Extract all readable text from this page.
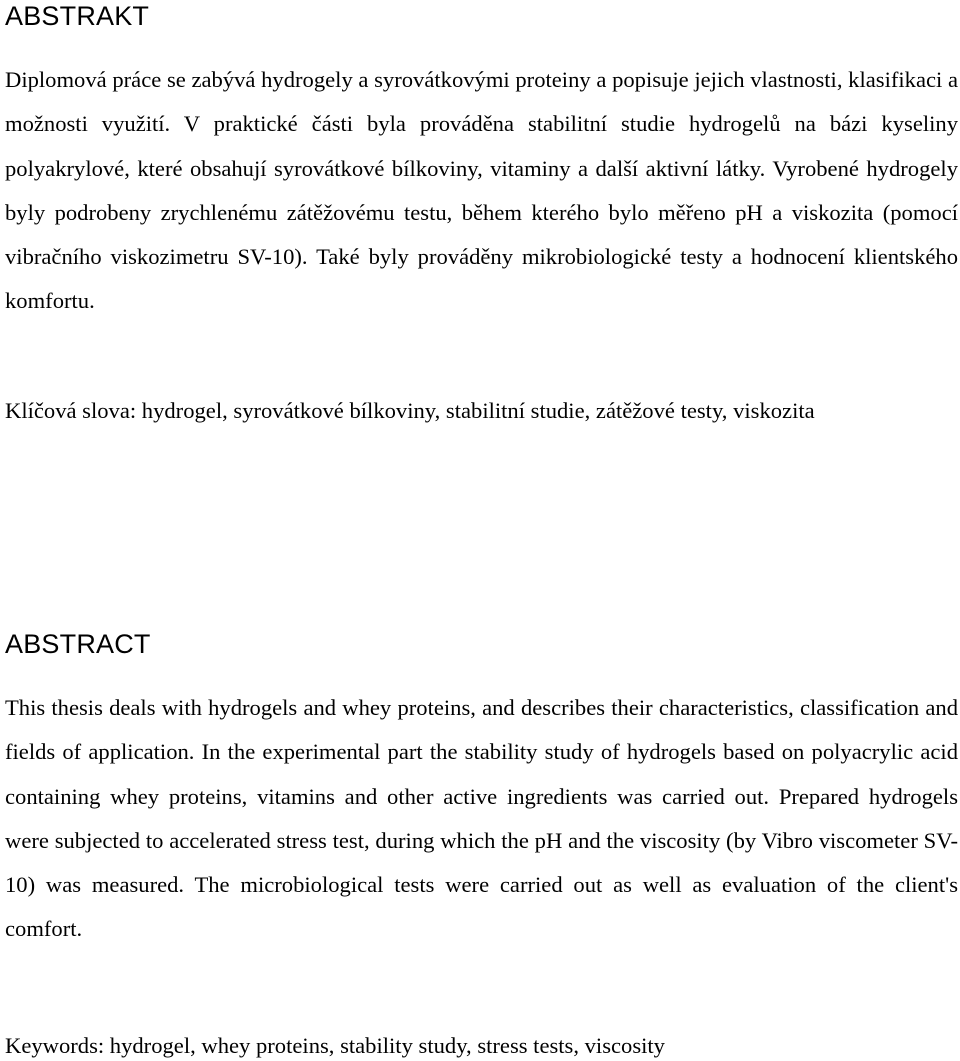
ABSTRAKT

Diplomová práce se zabývá hydrogely a syrovátkovými proteiny a popisuje jejich vlastnosti, klasifikaci a možnosti využití. V praktické části byla prováděna stabilitní studie hydrogelů na bázi kyseliny polyakrylové, které obsahují syrovátkové bílkoviny, vitaminy a další aktivní látky. Vyrobené hydrogely byly podrobeny zrychlenému zátěžovému testu, během kterého bylo měřeno pH a viskozita (pomocí vibračního viskozimetru SV-10). Také byly prováděny mikrobiologické testy a hodnocení klientského komfortu.

Klíčová slova: hydrogel, syrovátkové bílkoviny, stabilitní studie, zátěžové testy, viskozita

ABSTRACT

This thesis deals with hydrogels and whey proteins, and describes their characteristics, classification and fields of application. In the experimental part the stability study of hydrogels based on polyacrylic acid containing whey proteins, vitamins and other active ingredients was carried out. Prepared hydrogels were subjected to accelerated stress test, during which the pH and the viscosity (by Vibro viscometer SV-10) was measured. The microbiological tests were carried out as well as evaluation of the client's comfort.

Keywords: hydrogel, whey proteins, stability study, stress tests, viscosity
